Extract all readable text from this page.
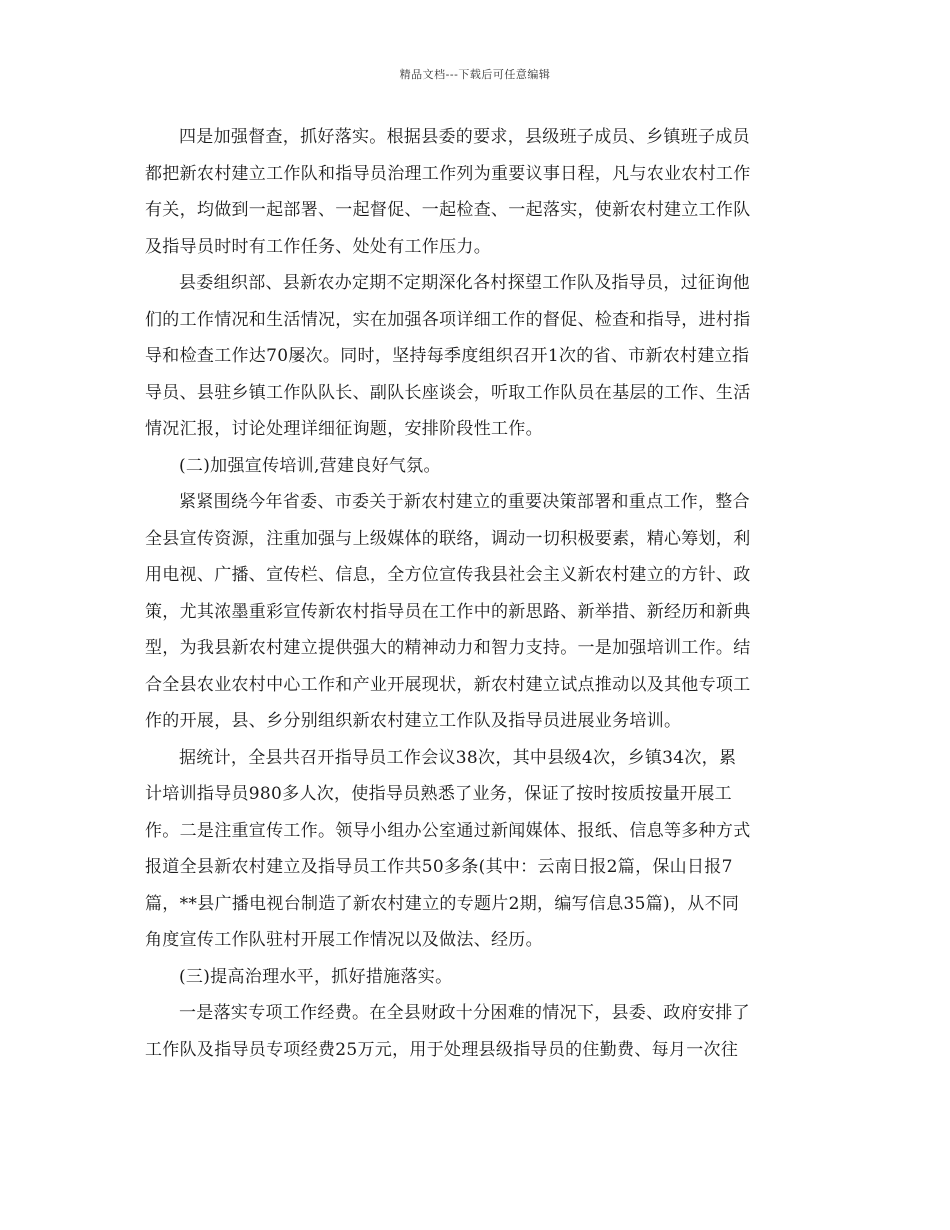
精品文档---下载后可任意编辑
四是加强督查，抓好落实。根据县委的要求，县级班子成员、乡镇班子成员
都把新农村建立工作队和指导员治理工作列为重要议事日程，凡与农业农村工作
有关，均做到一起部署、一起督促、一起检查、一起落实，使新农村建立工作队
及指导员时时有工作任务、处处有工作压力。
县委组织部、县新农办定期不定期深化各村探望工作队及指导员，过征询他
们的工作情况和生活情况，实在加强各项详细工作的督促、检查和指导，进村指
导和检查工作达70屡次。同时，坚持每季度组织召开1次的省、市新农村建立指
导员、县驻乡镇工作队队长、副队长座谈会，听取工作队员在基层的工作、生活
情况汇报，讨论处理详细征询题，安排阶段性工作。
(二)加强宣传培训,营建良好气氛。
紧紧围绕今年省委、市委关于新农村建立的重要决策部署和重点工作，整合
全县宣传资源，注重加强与上级媒体的联络，调动一切积极要素，精心筹划，利
用电视、广播、宣传栏、信息，全方位宣传我县社会主义新农村建立的方针、政
策，尤其浓墨重彩宣传新农村指导员在工作中的新思路、新举措、新经历和新典
型，为我县新农村建立提供强大的精神动力和智力支持。一是加强培训工作。结
合全县农业农村中心工作和产业开展现状，新农村建立试点推动以及其他专项工
作的开展，县、乡分别组织新农村建立工作队及指导员进展业务培训。
据统计，全县共召开指导员工作会议38次，其中县级4次，乡镇34次，累
计培训指导员980多人次，使指导员熟悉了业务，保证了按时按质按量开展工
作。二是注重宣传工作。领导小组办公室通过新闻媒体、报纸、信息等多种方式
报道全县新农村建立及指导员工作共50多条(其中：云南日报2篇，保山日报7
篇，**县广播电视台制造了新农村建立的专题片2期，编写信息35篇)，从不同
角度宣传工作队驻村开展工作情况以及做法、经历。
(三)提高治理水平，抓好措施落实。
一是落实专项工作经费。在全县财政十分困难的情况下，县委、政府安排了
工作队及指导员专项经费25万元，用于处理县级指导员的住勤费、每月一次往
